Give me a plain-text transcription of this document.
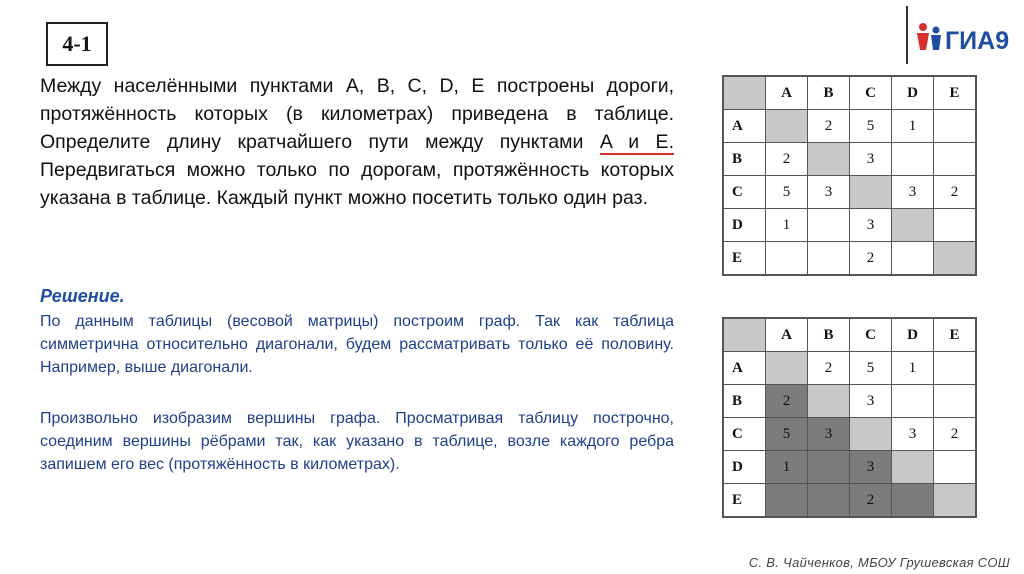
4-1	ГИА9

Между населёнными пунктами A, B, C, D, E построены дороги, протяжённость которых (в километрах) приведена в таблице. Определите длину кратчайшего пути между пунктами A и E. Передвигаться можно только по дорогам, протяжённость которых указана в таблице. Каждый пункт можно посетить только один раз.

Решение.

По данным таблицы (весовой матрицы) построим граф. Так как таблица симметрична относительно диагонали, будем рассматривать только её половину. Например, выше диагонали.

Произвольно изобразим вершины графа. Просматривая таблицу построчно, соединим вершины рёбрами так, как указано в таблице, возле каждого ребра запишем его вес (протяжённость в километрах).

	A	B	C	D	E
A		2	5	1	
B	2		3		
C	5	3		3	2
D	1		3		
E			2		
	A	B	C	D	E
A		2	5	1	
B	2		3		
C	5	3		3	2
D	1		3		
E			2		
С. В. Чайченков, МБОУ Грушевская СОШ
